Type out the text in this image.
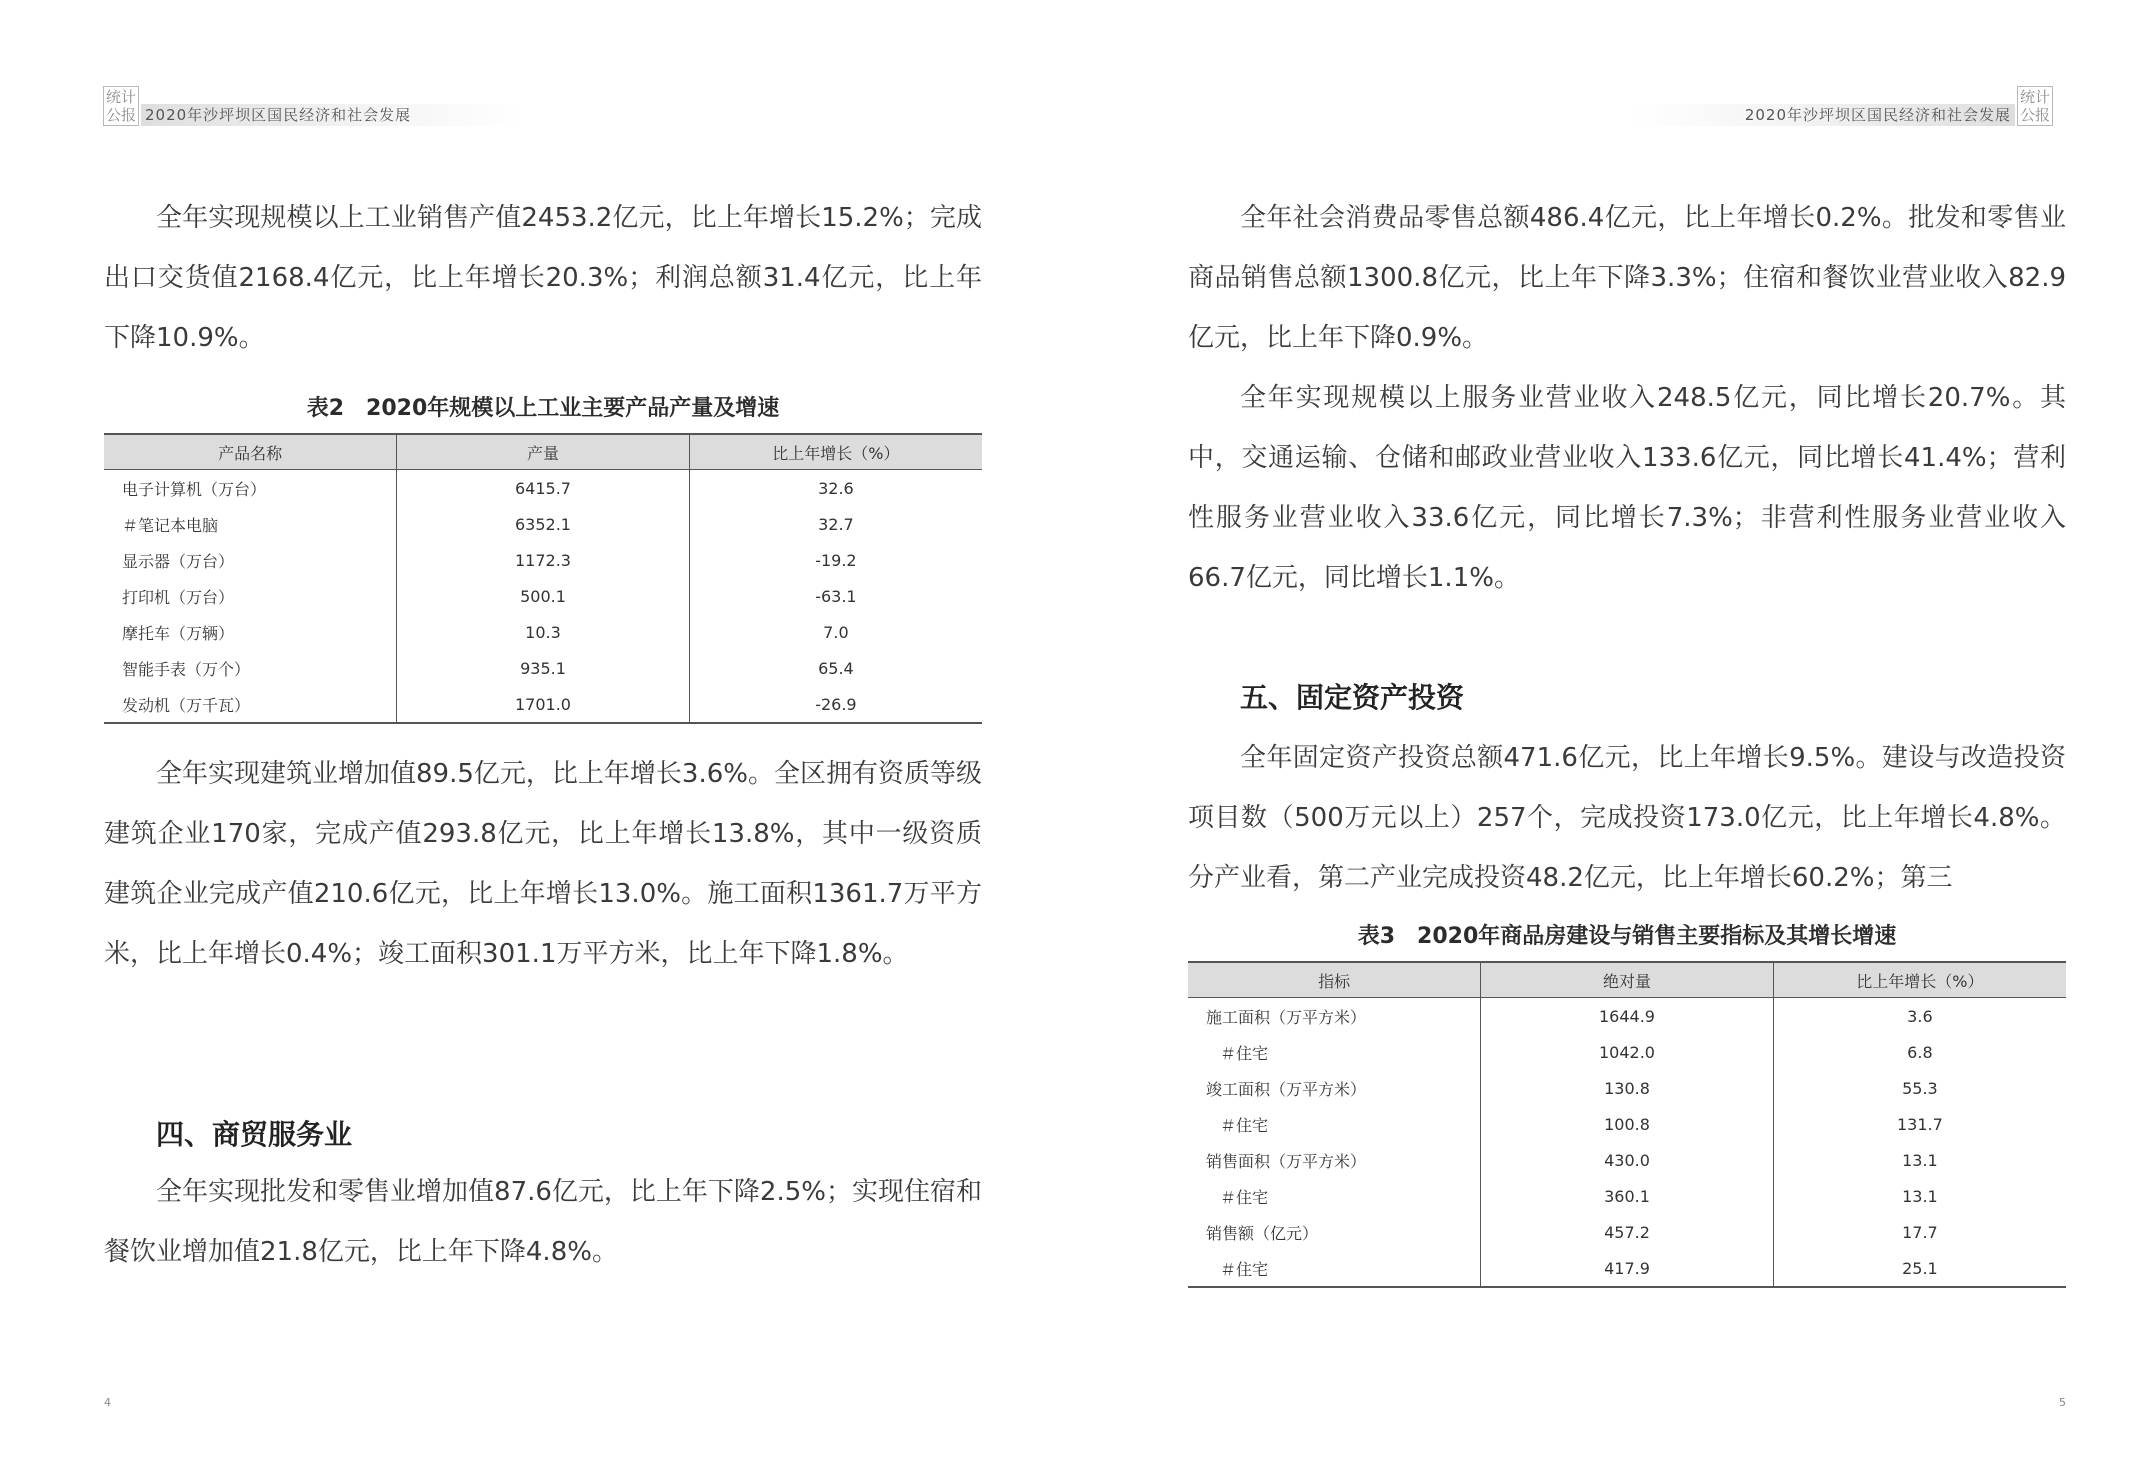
统计
公报 2020年沙坪坝区国民经济和社会发展

全年实现规模以上工业销售产值2453.2亿元，比上年增长15.2%；完成出口交货值2168.4亿元，比上年增长20.3%；利润总额31.4亿元，比上年下降10.9%。

表2　2020年规模以上工业主要产品产量及增速
产品名称	产量	比上年增长（%）
电子计算机（万台）	6415.7	32.6
＃笔记本电脑	6352.1	32.7
显示器（万台）	1172.3	-19.2
打印机（万台）	500.1	-63.1
摩托车（万辆）	10.3	7.0
智能手表（万个）	935.1	65.4
发动机（万千瓦）	1701.0	-26.9

全年实现建筑业增加值89.5亿元，比上年增长3.6%。全区拥有资质等级建筑企业170家，完成产值293.8亿元，比上年增长13.8%，其中一级资质建筑企业完成产值210.6亿元，比上年增长13.0%。施工面积1361.7万平方米，比上年增长0.4%；竣工面积301.1万平方米，比上年下降1.8%。

四、商贸服务业

全年实现批发和零售业增加值87.6亿元，比上年下降2.5%；实现住宿和餐饮业增加值21.8亿元，比上年下降4.8%。

4
2020年沙坪坝区国民经济和社会发展
统计
公报

全年社会消费品零售总额486.4亿元，比上年增长0.2%。批发和零售业商品销售总额1300.8亿元，比上年下降3.3%；住宿和餐饮业营业收入82.9亿元，比上年下降0.9%。

全年实现规模以上服务业营业收入248.5亿元，同比增长20.7%。其中，交通运输、仓储和邮政业营业收入133.6亿元，同比增长41.4%；营利性服务业营业收入33.6亿元，同比增长7.3%；非营利性服务业营业收入66.7亿元，同比增长1.1%。

五、固定资产投资

全年固定资产投资总额471.6亿元，比上年增长9.5%。建设与改造投资项目数（500万元以上）257个，完成投资173.0亿元，比上年增长4.8%。分产业看，第二产业完成投资48.2亿元，比上年增长60.2%；第三

表3　2020年商品房建设与销售主要指标及其增长增速
指标	绝对量	比上年增长（%）
施工面积（万平方米）	1644.9	3.6
＃住宅	1042.0	6.8
竣工面积（万平方米）	130.8	55.3
＃住宅	100.8	131.7
销售面积（万平方米）	430.0	13.1
＃住宅	360.1	13.1
销售额（亿元）	457.2	17.7
＃住宅	417.9	25.1
5
